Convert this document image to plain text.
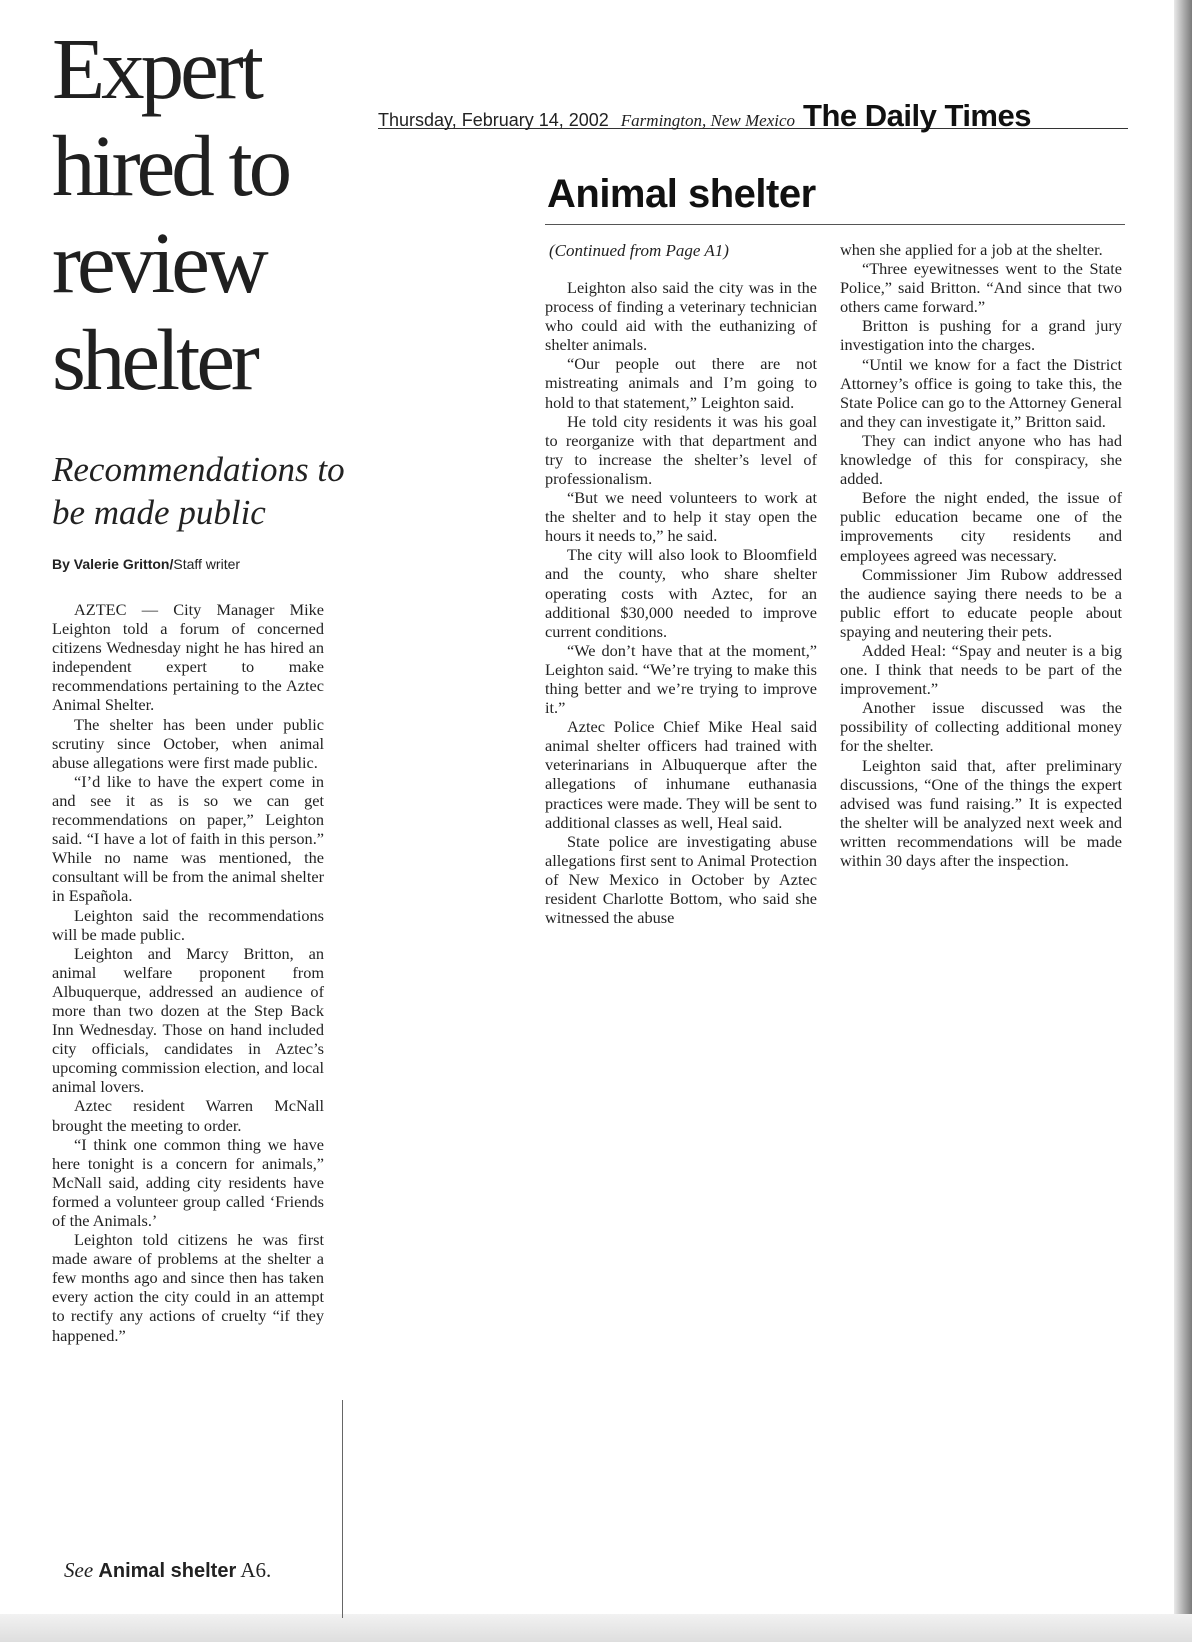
Expert hired to review shelter
Recommendations to be made public
By Valerie Gritton/Staff writer
Thursday, February 14, 2002 Farmington, New Mexico The Daily Times
Animal shelter

AZTEC — City Manager Mike Leighton told a forum of concerned citizens Wednesday night he has hired an independent expert to make recommendations pertaining to the Aztec Animal Shelter.

The shelter has been under public scrutiny since October, when animal abuse allegations were first made public.

“I’d like to have the expert come in and see it as is so we can get recommendations on paper,” Leighton said. “I have a lot of faith in this person.” While no name was mentioned, the consultant will be from the animal shelter in Española.

Leighton said the recommendations will be made public.

Leighton and Marcy Britton, an animal welfare proponent from Albuquerque, addressed an audience of more than two dozen at the Step Back Inn Wednesday. Those on hand included city officials, candidates in Aztec’s upcoming commission election, and local animal lovers.

Aztec resident Warren McNall brought the meeting to order.

“I think one common thing we have here tonight is a concern for animals,” McNall said, adding city residents have formed a volunteer group called ‘Friends of the Animals.’

Leighton told citizens he was first made aware of problems at the shelter a few months ago and since then has taken every action the city could in an attempt to rectify any actions of cruelty “if they happened.”

See Animal shelter A6.
(Continued from Page A1)

Leighton also said the city was in the process of finding a veterinary technician who could aid with the euthanizing of shelter animals.

“Our people out there are not mistreating animals and I’m going to hold to that statement,” Leighton said.

He told city residents it was his goal to reorganize with that department and try to increase the shelter’s level of professionalism.

“But we need volunteers to work at the shelter and to help it stay open the hours it needs to,” he said.

The city will also look to Bloomfield and the county, who share shelter operating costs with Aztec, for an additional $30,000 needed to improve current conditions.

“We don’t have that at the moment,” Leighton said. “We’re trying to make this thing better and we’re trying to improve it.”

Aztec Police Chief Mike Heal said animal shelter officers had trained with veterinarians in Albuquerque after the allegations of inhumane euthanasia practices were made. They will be sent to additional classes as well, Heal said.

State police are investigating abuse allegations first sent to Animal Protection of New Mexico in October by Aztec resident Charlotte Bottom, who said she witnessed the abuse

when she applied for a job at the shelter.

“Three eyewitnesses went to the State Police,” said Britton. “And since that two others came forward.”

Britton is pushing for a grand jury investigation into the charges.

“Until we know for a fact the District Attorney’s office is going to take this, the State Police can go to the Attorney General and they can investigate it,” Britton said.

They can indict anyone who has had knowledge of this for conspiracy, she added.

Before the night ended, the issue of public education became one of the improvements city residents and employees agreed was necessary.

Commissioner Jim Rubow addressed the audience saying there needs to be a public effort to educate people about spaying and neutering their pets.

Added Heal: “Spay and neuter is a big one. I think that needs to be part of the improvement.”

Another issue discussed was the possibility of collecting additional money for the shelter.

Leighton said that, after preliminary discussions, “One of the things the expert advised was fund raising.” It is expected the shelter will be analyzed next week and written recommendations will be made within 30 days after the inspection.
